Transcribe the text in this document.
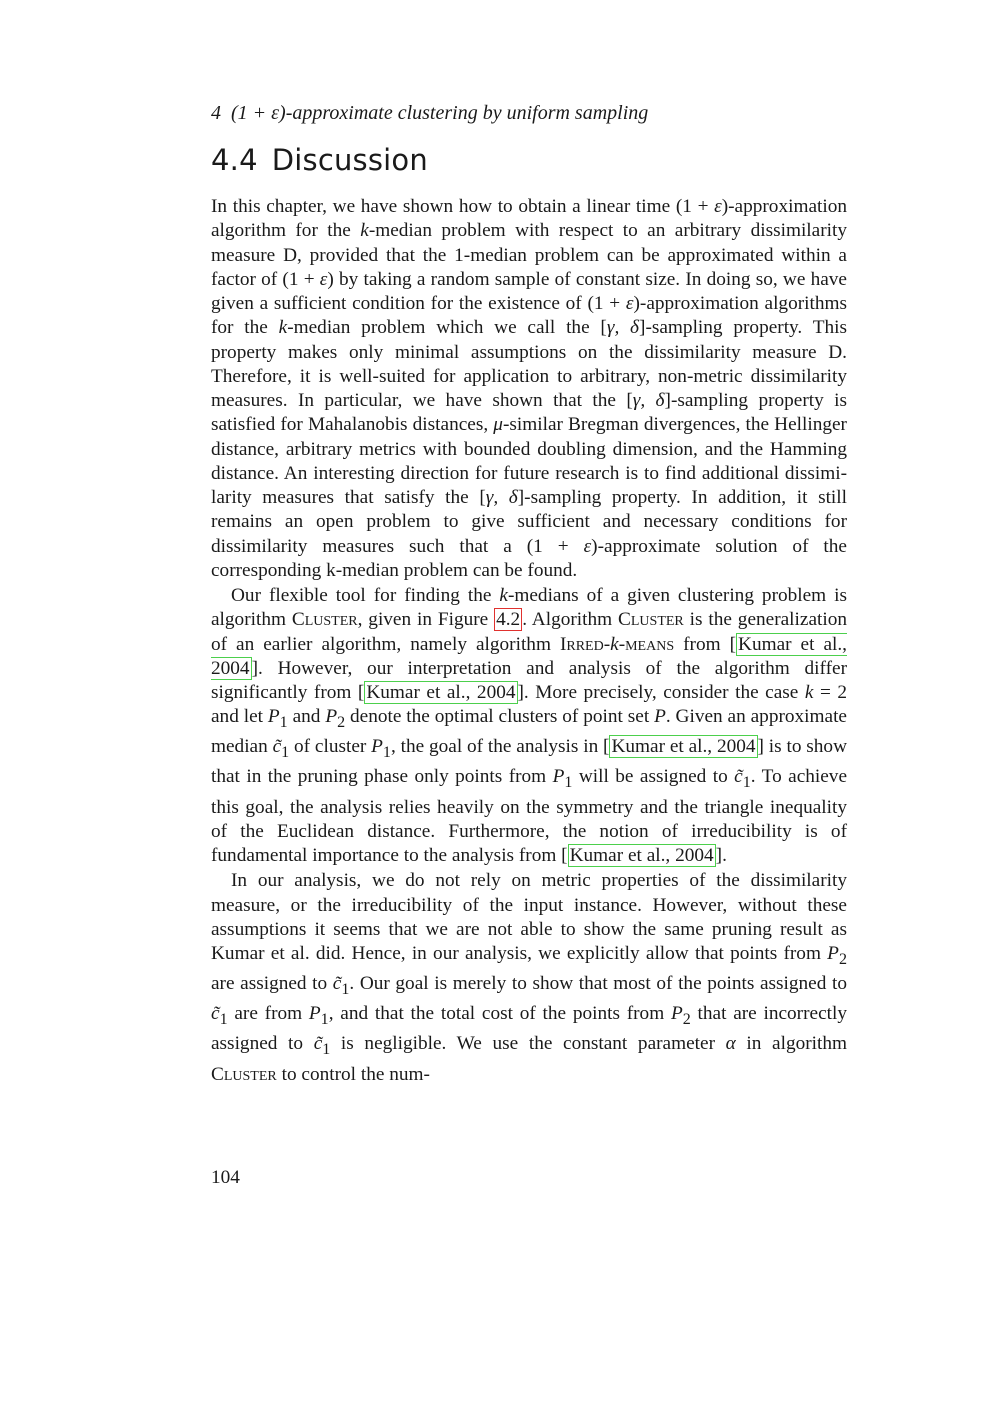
4 (1 + ε)-approximate clustering by uniform sampling

4.4 Discussion

In this chapter, we have shown how to obtain a linear time (1 + ε)-approximation algorithm for the k-median problem with respect to an arbitrary dissimilarity measure D, provided that the 1-median problem can be approximated within a factor of (1 + ε) by taking a random sample of constant size. In doing so, we have given a sufficient condition for the existence of (1 + ε)-approximation algorithms for the k-median problem which we call the [γ, δ]-sampling property. This property makes only minimal assumptions on the dissimilarity measure D. Therefore, it is well-suited for application to arbitrary, non-metric dissimilarity measures. In particular, we have shown that the [γ, δ]-sampling property is satisfied for Mahalanobis distances, μ-similar Bregman divergences, the Hellinger distance, arbitrary metrics with bounded doubling dimension, and the Hamming distance. An interesting direction for future research is to find additional dissimilarity measures that satisfy the [γ, δ]-sampling property. In addition, it still remains an open problem to give sufficient and necessary conditions for dissimilarity measures such that a (1 + ε)-approximate solution of the corresponding k-median problem can be found.

Our flexible tool for finding the k-medians of a given clustering problem is algorithm Cluster, given in Figure 4.2 . Algorithm Cluster is the generalization of an earlier algorithm, namely algorithm Irred-k-means from [ Kumar et al., 2004 ]. However, our interpretation and analysis of the algorithm differ significantly from [ Kumar et al., 2004 ]. More precisely, consider the case k = 2 and let $P_1$ and $P_2$ denote the optimal clusters of point set P. Given an approximate median $c̃_1$ of cluster $P_1$, the goal of the analysis in [ Kumar et al., 2004 ] is to show that in the pruning phase only points from $P_1$ will be assigned to $c̃_1$. To achieve this goal, the analysis relies heavily on the symmetry and the triangle inequality of the Euclidean distance. Furthermore, the notion of irreducibility is of fundamental importance to the analysis from [ Kumar et al., 2004 ].

In our analysis, we do not rely on metric properties of the dissimilarity measure, or the irreducibility of the input instance. However, without these assumptions it seems that we are not able to show the same pruning result as Kumar et al. did. Hence, in our analysis, we explicitly allow that points from $P_2$ are assigned to $c̃_1$. Our goal is merely to show that most of the points assigned to $c̃_1$ are from $P_1$, and that the total cost of the points from $P_2$ that are incorrectly assigned to $c̃_1$ is negligible. We use the constant parameter α in algorithm Cluster to control the num-

104
